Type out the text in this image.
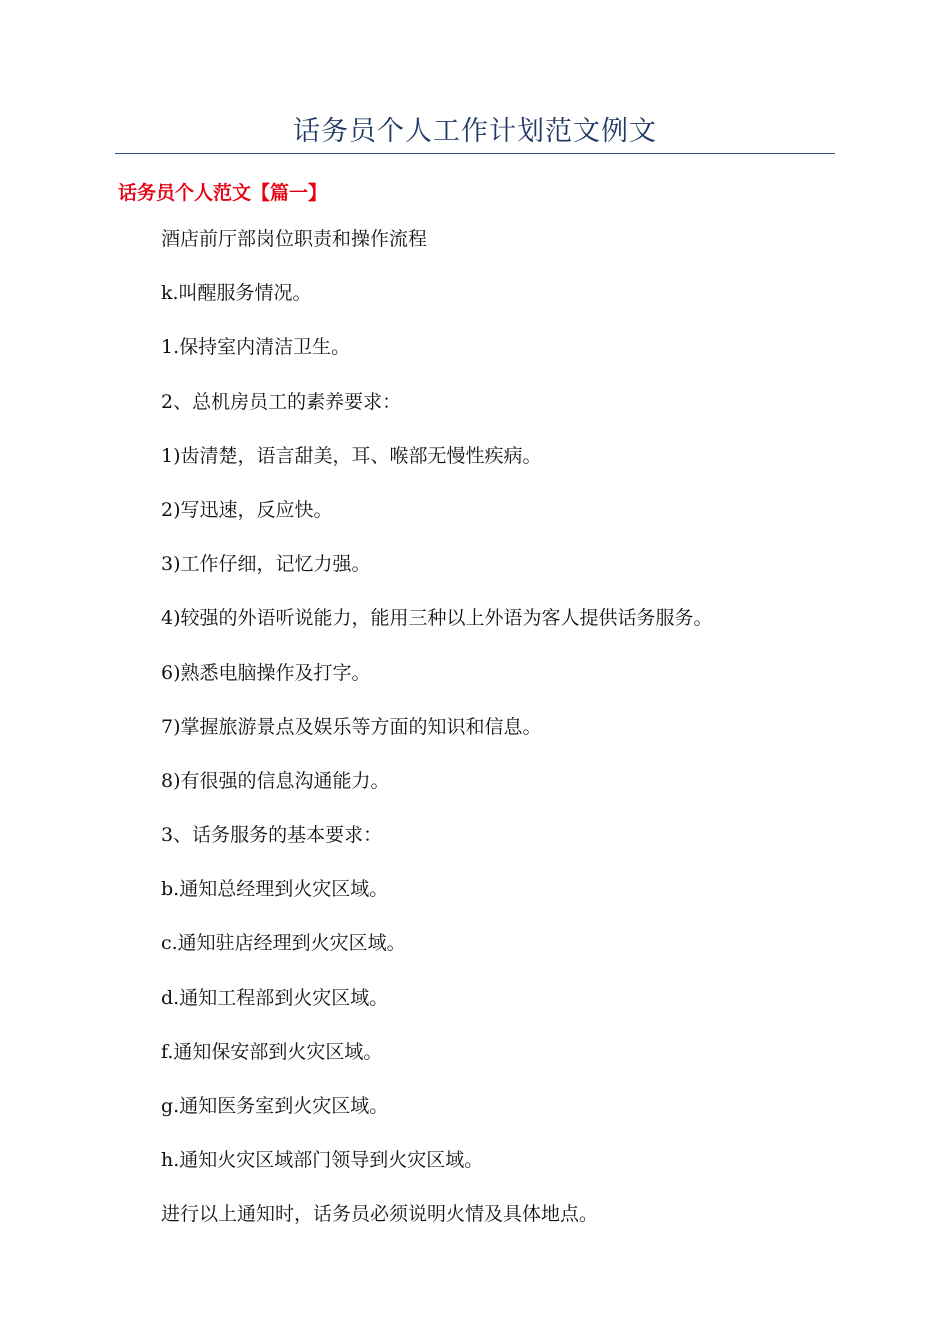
话务员个人工作计划范文例文
话务员个人范文【篇一】
酒店前厅部岗位职责和操作流程
k.叫醒服务情况。
1.保持室内清洁卫生。
2、总机房员工的素养要求：
1)齿清楚，语言甜美，耳、喉部无慢性疾病。
2)写迅速，反应快。
3)工作仔细，记忆力强。
4)较强的外语听说能力，能用三种以上外语为客人提供话务服务。
6)熟悉电脑操作及打字。
7)掌握旅游景点及娱乐等方面的知识和信息。
8)有很强的信息沟通能力。
3、话务服务的基本要求：
b.通知总经理到火灾区域。
c.通知驻店经理到火灾区域。
d.通知工程部到火灾区域。
f.通知保安部到火灾区域。
g.通知医务室到火灾区域。
h.通知火灾区域部门领导到火灾区域。
进行以上通知时，话务员必须说明火情及具体地点。
